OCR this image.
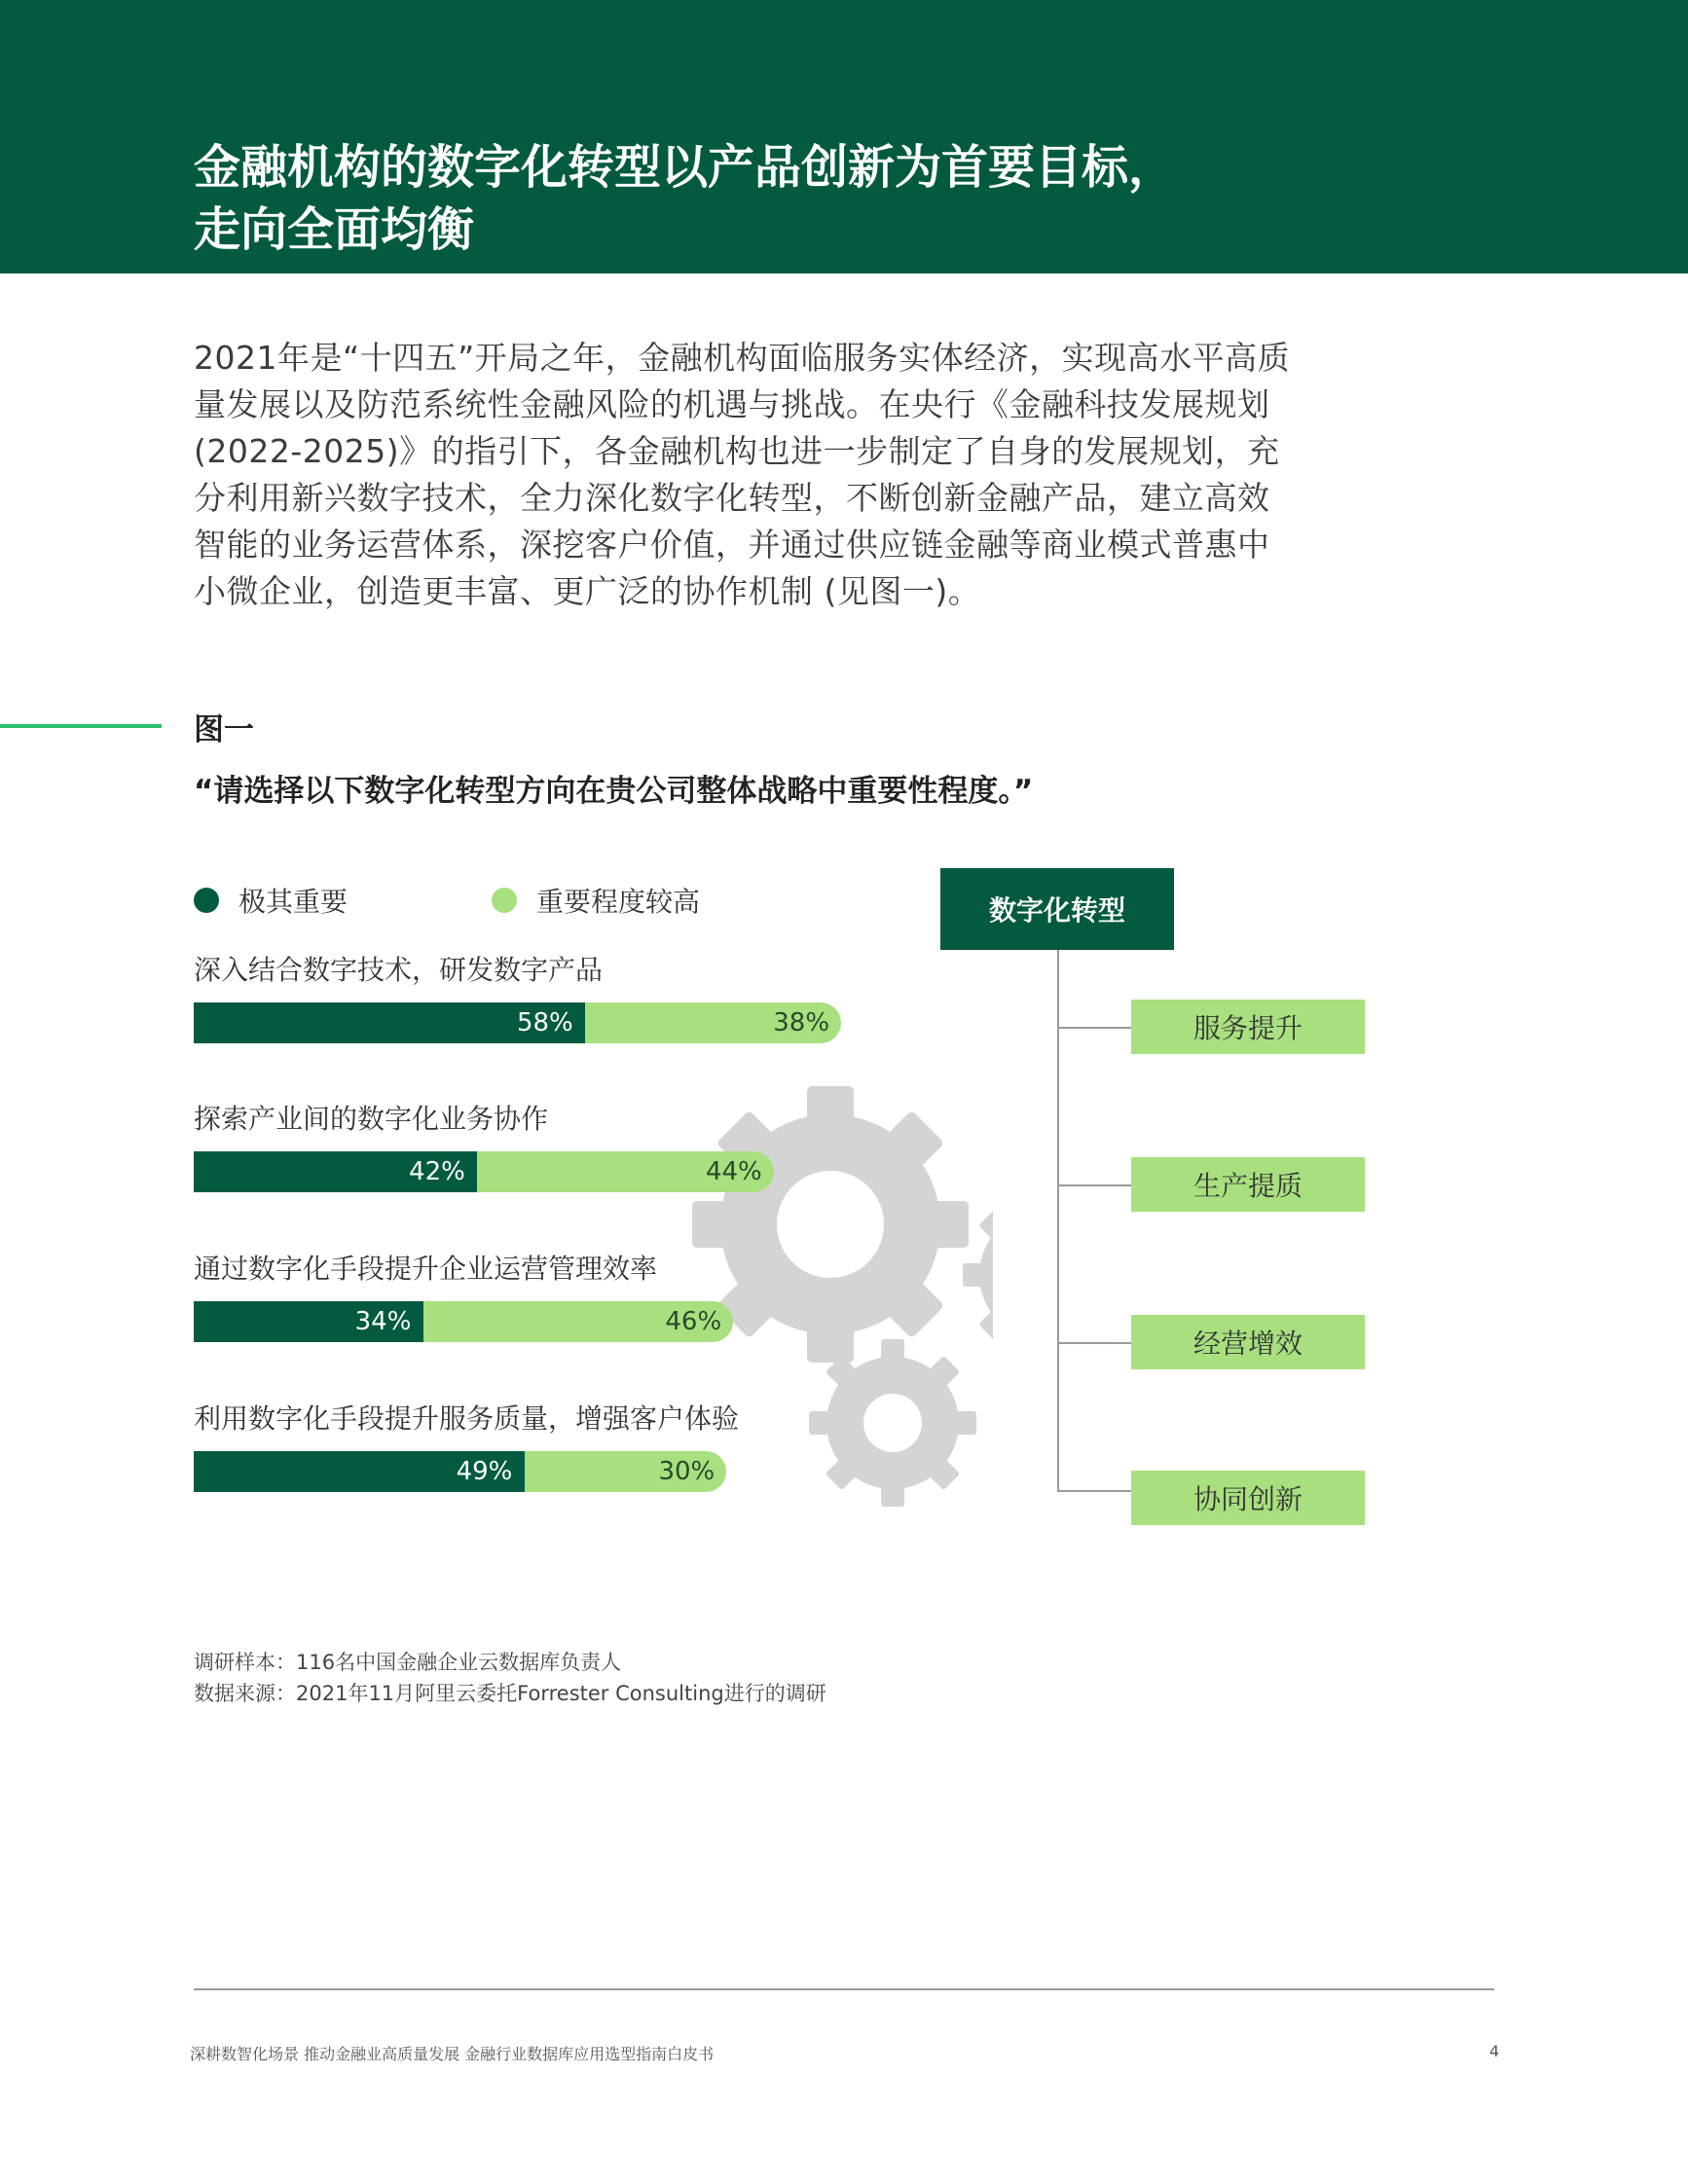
金融机构的数字化转型以产品创新为首要目标，
走向全面均衡
2021年是“十四五”开局之年，金融机构面临服务实体经济，实现高水平高质
量发展以及防范系统性金融风险的机遇与挑战。在央行《金融科技发展规划
(2022-2025)》的指引下，各金融机构也进一步制定了自身的发展规划，充
分利用新兴数字技术，全力深化数字化转型，不断创新金融产品，建立高效
智能的业务运营体系，深挖客户价值，并通过供应链金融等商业模式普惠中
小微企业，创造更丰富、更广泛的协作机制 (见图一)。
图一
“请选择以下数字化转型方向在贵公司整体战略中重要性程度。”
极其重要	重要程度较高
深入结合数字技术，研发数字产品
58%	38%
探索产业间的数字化业务协作
42%	44%
通过数字化手段提升企业运营管理效率
34%	46%
利用数字化手段提升服务质量，增强客户体验
49%	30%
数字化转型
服务提升
生产提质
经营增效
协同创新
调研样本：116名中国金融企业云数据库负责人
数据来源：2021年11月阿里云委托Forrester Consulting进行的调研
深耕数智化场景 推动金融业高质量发展 金融行业数据库应用选型指南白皮书	4
